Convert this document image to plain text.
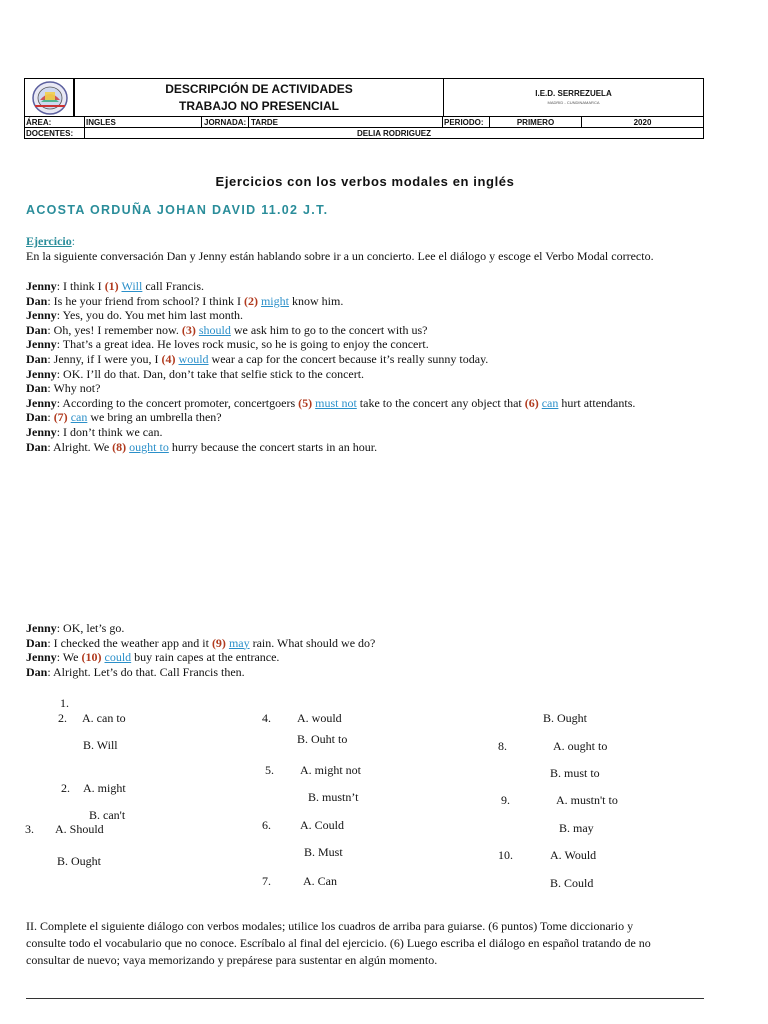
DESCRIPCIÓN DE ACTIVIDADES
TRABAJO NO PRESENCIAL
I.E.D. SERREZUELA
MADRID - CUNDINAMARCA
ÁREA:	INGLES	JORNADA: TARDE	PERIODO:	PRIMERO	2020
DOCENTES:	DELIA RODRIGUEZ
Ejercicios con los verbos modales en inglés
ACOSTA ORDUÑA JOHAN DAVID 11.02 J.T.
Ejercicio:
En la siguiente conversación Dan y Jenny están hablando sobre ir a un concierto. Lee el diálogo y escoge el Verbo Modal correcto.
Jenny: I think I (1) Will call Francis.
Dan: Is he your friend from school? I think I (2) might know him.
Jenny: Yes, you do. You met him last month.
Dan: Oh, yes! I remember now. (3) should we ask him to go to the concert with us?
Jenny: That’s a great idea. He loves rock music, so he is going to enjoy the concert.
Dan: Jenny, if I were you, I (4) would wear a cap for the concert because it’s really sunny today.
Jenny: OK. I’ll do that. Dan, don’t take that selfie stick to the concert.
Dan: Why not?
Jenny: According to the concert promoter, concertgoers (5) must not take to the concert any object that (6) can hurt attendants.
Dan: (7) can we bring an umbrella then?
Jenny: I don’t think we can.
Dan: Alright. We (8) ought to hurry because the concert starts in an hour.
Jenny: OK, let’s go.
Dan: I checked the weather app and it (9) may rain. What should we do?
Jenny: We (10) could buy rain capes at the entrance.
Dan: Alright. Let’s do that. Call Francis then.
1.
2. A. can to
B. Will
2. A. might
B. can't
3. A. Should
B. Ought
4. A. would
B. Ouht to
5. A. might not
B. mustn’t
6. A. Could
B. Must
7.	A. Can
B. Ought
8.	A. ought to
B. must to
9.	A. mustn't to
B. may
10.	A. Would
B. Could
II. Complete el siguiente diálogo con verbos modales; utilice los cuadros de arriba para guiarse. (6 puntos) Tome diccionario y
consulte todo el vocabulario que no conoce. Escríbalo al final del ejercicio. (6) Luego escriba el diálogo en español tratando de no
consultar de nuevo; vaya memorizando y prepárese para sustentar en algún momento.
